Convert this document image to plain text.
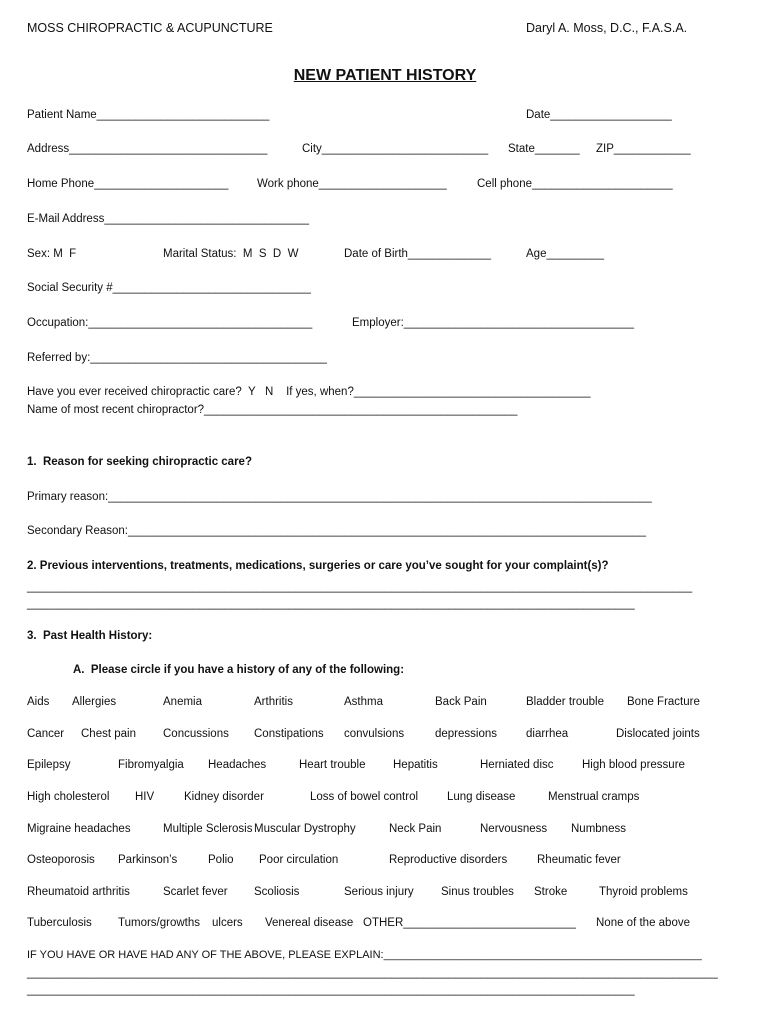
MOSS CHIROPRACTIC & ACUPUNCTURE	Daryl A. Moss, D.C., F.A.S.A.
NEW PATIENT HISTORY
Patient Name___________________________	Date___________________
Address_______________________________	City__________________________ State_______ ZIP____________
Home Phone_____________________ Work phone____________________	Cell phone______________________
E-Mail Address________________________________
Sex: M  F	Marital Status:  M  S  D  W	Date of Birth_____________	Age_________
Social Security #_______________________________
Occupation:___________________________________	Employer:____________________________________
Referred by:_____________________________________
Have you ever received chiropractic care?  Y   N    If yes, when?_____________________________________
Name of most recent chiropractor?_________________________________________________
1.  Reason for seeking chiropractic care?
Primary reason:_____________________________________________________________________________________
Secondary Reason:_________________________________________________________________________________
2. Previous interventions, treatments, medications, surgeries or care you’ve sought for your complaint(s)?
________________________________________________________________________________________________________
_______________________________________________________________________________________________
3.  Past Health History:
A.  Please circle if you have a history of any of the following:
Aids Allergies	Anemia	Arthritis	Asthma	Back Pain	Bladder trouble Bone Fracture
Cancer Chest pain Concussions Constipations convulsions	depressions	diarrhea	Dislocated joints
Epilepsy	Fibromyalgia Headaches	Heart trouble Hepatitis	Herniated disc High blood pressure
High cholesterol HIV	Kidney disorder	Loss of bowel control	Lung disease	Menstrual cramps
Migraine headaches	Multiple Sclerosis Muscular Dystrophy	Neck Pain	Nervousness Numbness
Osteoporosis Parkinson’s	Polio Poor circulation	Reproductive disorders	Rheumatic fever
Rheumatoid arthritis	Scarlet fever Scoliosis	Serious injury Sinus troubles Stroke	Thyroid problems
Tuberculosis Tumors/growths ulcers Venereal disease OTHER___________________________ None of the above
IF YOU HAVE OR HAVE HAD ANY OF THE ABOVE, PLEASE EXPLAIN:____________________________________________________
____________________________________________________________________________________________________________
_______________________________________________________________________________________________
